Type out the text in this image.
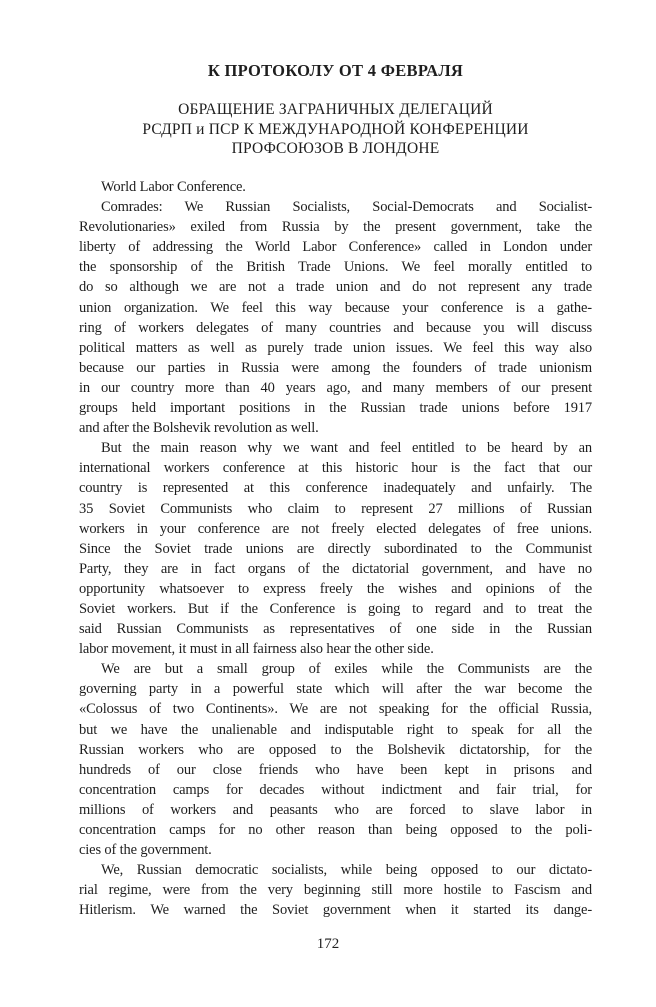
К ПРОТОКОЛУ ОТ 4 ФЕВРАЛЯ
ОБРАЩЕНИЕ ЗАГРАНИЧНЫХ ДЕЛЕГАЦИЙ
РСДРП и ПСР К МЕЖДУНАРОДНОЙ КОНФЕРЕНЦИИ
ПРОФСОЮЗОВ В ЛОНДОНЕ
World Labor Conference.
Comrades: We Russian Socialists, Social-Democrats and Socialist-
Revolutionaries» exiled from Russia by the present government, take the
liberty of addressing the World Labor Conference» called in London under
the sponsorship of the British Trade Unions. We feel morally entitled to
do so although we are not a trade union and do not represent any trade
union organization. We feel this way because your conference is a gathe-
ring of workers delegates of many countries and because you will discuss
political matters as well as purely trade union issues. We feel this way also
because our parties in Russia were among the founders of trade unionism
in our country more than 40 years ago, and many members of our present
groups held important positions in the Russian trade unions before 1917
and after the Bolshevik revolution as well.
But the main reason why we want and feel entitled to be heard by an
international workers conference at this historic hour is the fact that our
country is represented at this conference inadequately and unfairly. The
35 Soviet Communists who claim to represent 27 millions of Russian
workers in your conference are not freely elected delegates of free unions.
Since the Soviet trade unions are directly subordinated to the Communist
Party, they are in fact organs of the dictatorial government, and have no
opportunity whatsoever to express freely the wishes and opinions of the
Soviet workers. But if the Conference is going to regard and to treat the
said Russian Communists as representatives of one side in the Russian
labor movement, it must in all fairness also hear the other side.
We are but a small group of exiles while the Communists are the
governing party in a powerful state which will after the war become the
«Colossus of two Continents». We are not speaking for the official Russia,
but we have the unalienable and indisputable right to speak for all the
Russian workers who are opposed to the Bolshevik dictatorship, for the
hundreds of our close friends who have been kept in prisons and
concentration camps for decades without indictment and fair trial, for
millions of workers and peasants who are forced to slave labor in
concentration camps for no other reason than being opposed to the poli-
cies of the government.
We, Russian democratic socialists, while being opposed to our dictato-
rial regime, were from the very beginning still more hostile to Fascism and
Hitlerism. We warned the Soviet government when it started its dange-
172
